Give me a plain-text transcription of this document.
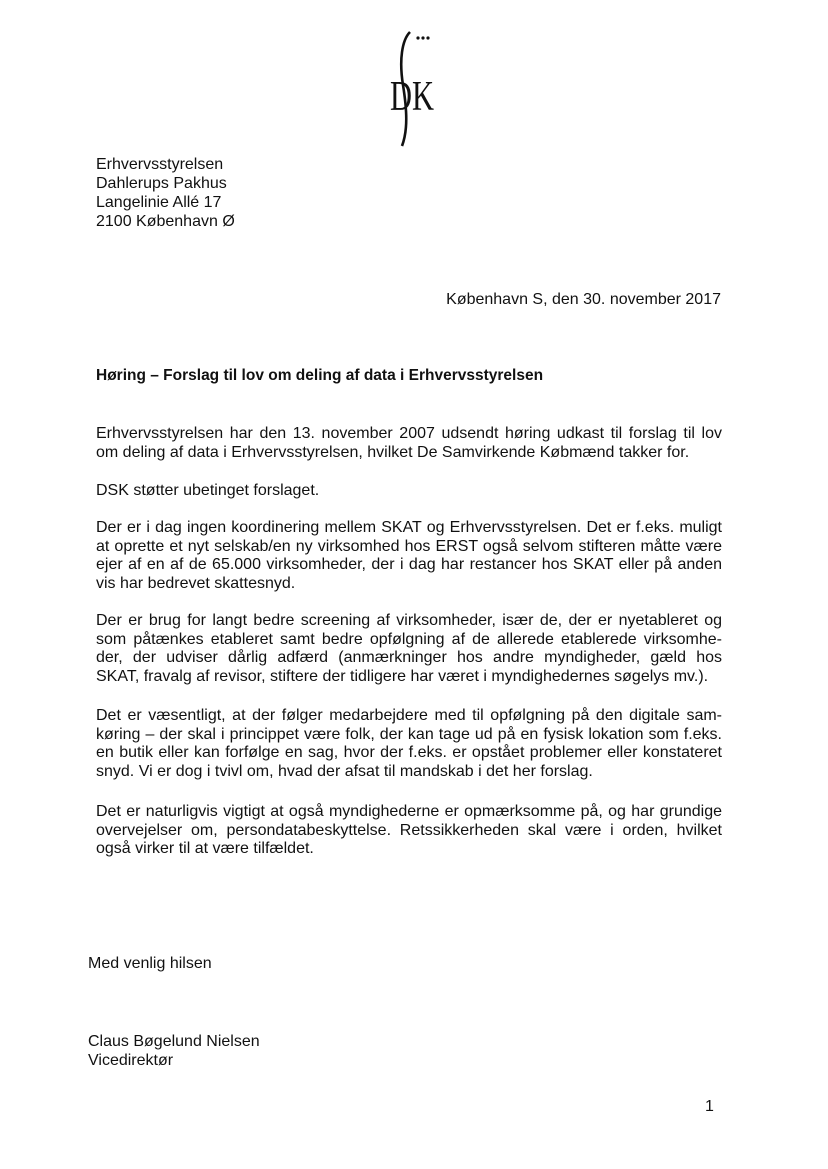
DK
Erhvervsstyrelsen
Dahlerups Pakhus
Langelinie Allé 17
2100 København Ø
København S, den 30. november 2017
Høring – Forslag til lov om deling af data i Erhvervsstyrelsen
Erhvervsstyrelsen har den 13. november 2007 udsendt høring udkast til forslag til lov
om deling af data i Erhvervsstyrelsen, hvilket De Samvirkende Købmænd takker for.
DSK støtter ubetinget forslaget.
Der er i dag ingen koordinering mellem SKAT og Erhvervsstyrelsen. Det er f.eks. muligt
at oprette et nyt selskab/en ny virksomhed hos ERST også selvom stifteren måtte være
ejer af en af de 65.000 virksomheder, der i dag har restancer hos SKAT eller på anden
vis har bedrevet skattesnyd.
Der er brug for langt bedre screening af virksomheder, især de, der er nyetableret og
som påtænkes etableret samt bedre opfølgning af de allerede etablerede virksomhe-
der, der udviser dårlig adfærd (anmærkninger hos andre myndigheder, gæld hos
SKAT, fravalg af revisor, stiftere der tidligere har været i myndighedernes søgelys mv.).
Det er væsentligt, at der følger medarbejdere med til opfølgning på den digitale sam-
køring – der skal i princippet være folk, der kan tage ud på en fysisk lokation som f.eks.
en butik eller kan forfølge en sag, hvor der f.eks. er opstået problemer eller konstateret
snyd. Vi er dog i tvivl om, hvad der afsat til mandskab i det her forslag.
Det er naturligvis vigtigt at også myndighederne er opmærksomme på, og har grundige
overvejelser om, persondatabeskyttelse. Retssikkerheden skal være i orden, hvilket
også virker til at være tilfældet.
Med venlig hilsen
Claus Bøgelund Nielsen
Vicedirektør
1
